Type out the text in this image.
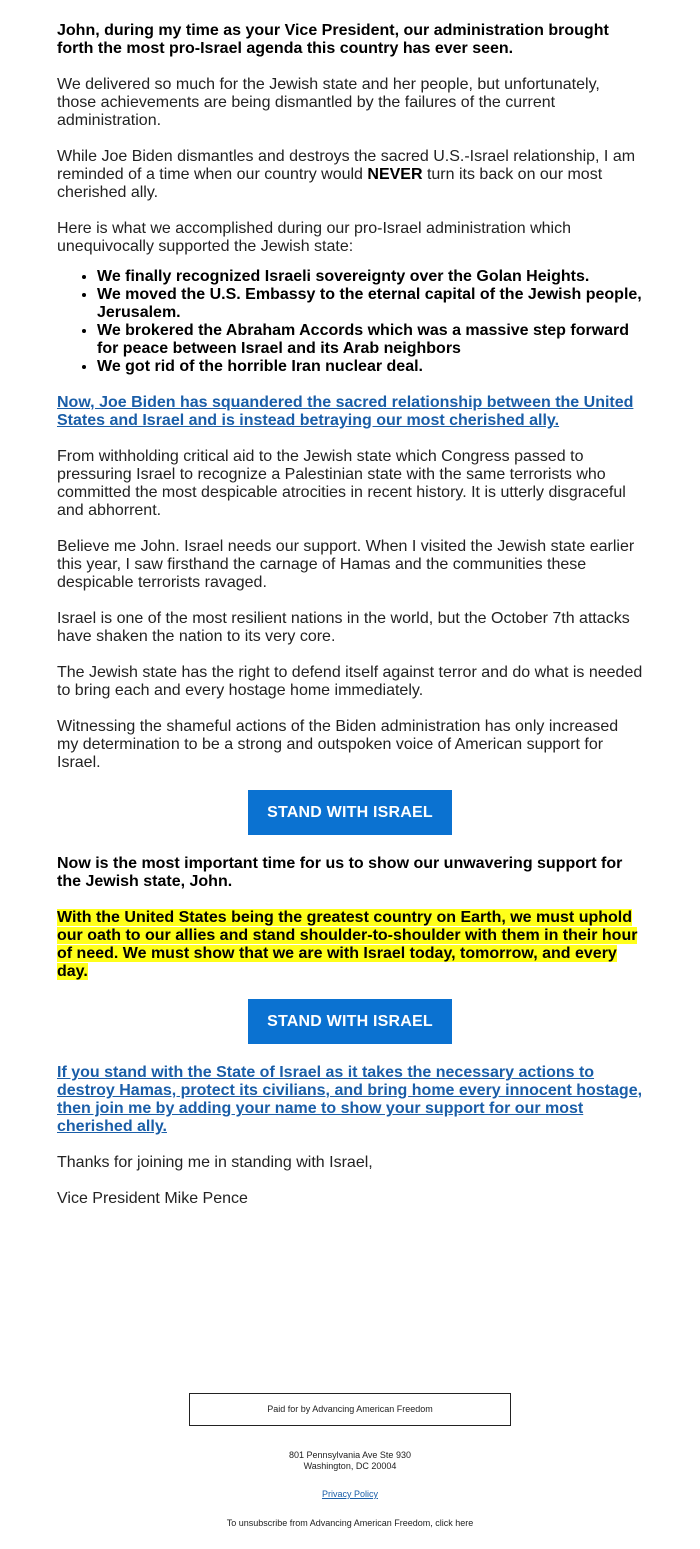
John, during my time as your Vice President, our administration brought forth the most pro-Israel agenda this country has ever seen.

We delivered so much for the Jewish state and her people, but unfortunately, those achievements are being dismantled by the failures of the current administration.

While Joe Biden dismantles and destroys the sacred U.S.-Israel relationship, I am reminded of a time when our country would NEVER turn its back on our most cherished ally.

Here is what we accomplished during our pro-Israel administration which unequivocally supported the Jewish state:

• We finally recognized Israeli sovereignty over the Golan Heights.
• We moved the U.S. Embassy to the eternal capital of the Jewish people, Jerusalem.
• We brokered the Abraham Accords which was a massive step forward for peace between Israel and its Arab neighbors
• We got rid of the horrible Iran nuclear deal.

Now, Joe Biden has squandered the sacred relationship between the United States and Israel and is instead betraying our most cherished ally.

From withholding critical aid to the Jewish state which Congress passed to pressuring Israel to recognize a Palestinian state with the same terrorists who committed the most despicable atrocities in recent history. It is utterly disgraceful and abhorrent.

Believe me John. Israel needs our support. When I visited the Jewish state earlier this year, I saw firsthand the carnage of Hamas and the communities these despicable terrorists ravaged.

Israel is one of the most resilient nations in the world, but the October 7th attacks have shaken the nation to its very core.

The Jewish state has the right to defend itself against terror and do what is needed to bring each and every hostage home immediately.

Witnessing the shameful actions of the Biden administration has only increased my determination to be a strong and outspoken voice of American support for Israel.

STAND WITH ISRAEL

Now is the most important time for us to show our unwavering support for the Jewish state, John.

With the United States being the greatest country on Earth, we must uphold our oath to our allies and stand shoulder-to-shoulder with them in their hour of need. We must show that we are with Israel today, tomorrow, and every day.

STAND WITH ISRAEL

If you stand with the State of Israel as it takes the necessary actions to destroy Hamas, protect its civilians, and bring home every innocent hostage, then join me by adding your name to show your support for our most cherished ally.

Thanks for joining me in standing with Israel,

Vice President Mike Pence

Paid for by Advancing American Freedom
801 Pennsylvania Ave Ste 930
Washington, DC 20004
Privacy Policy
To unsubscribe from Advancing American Freedom, click here
